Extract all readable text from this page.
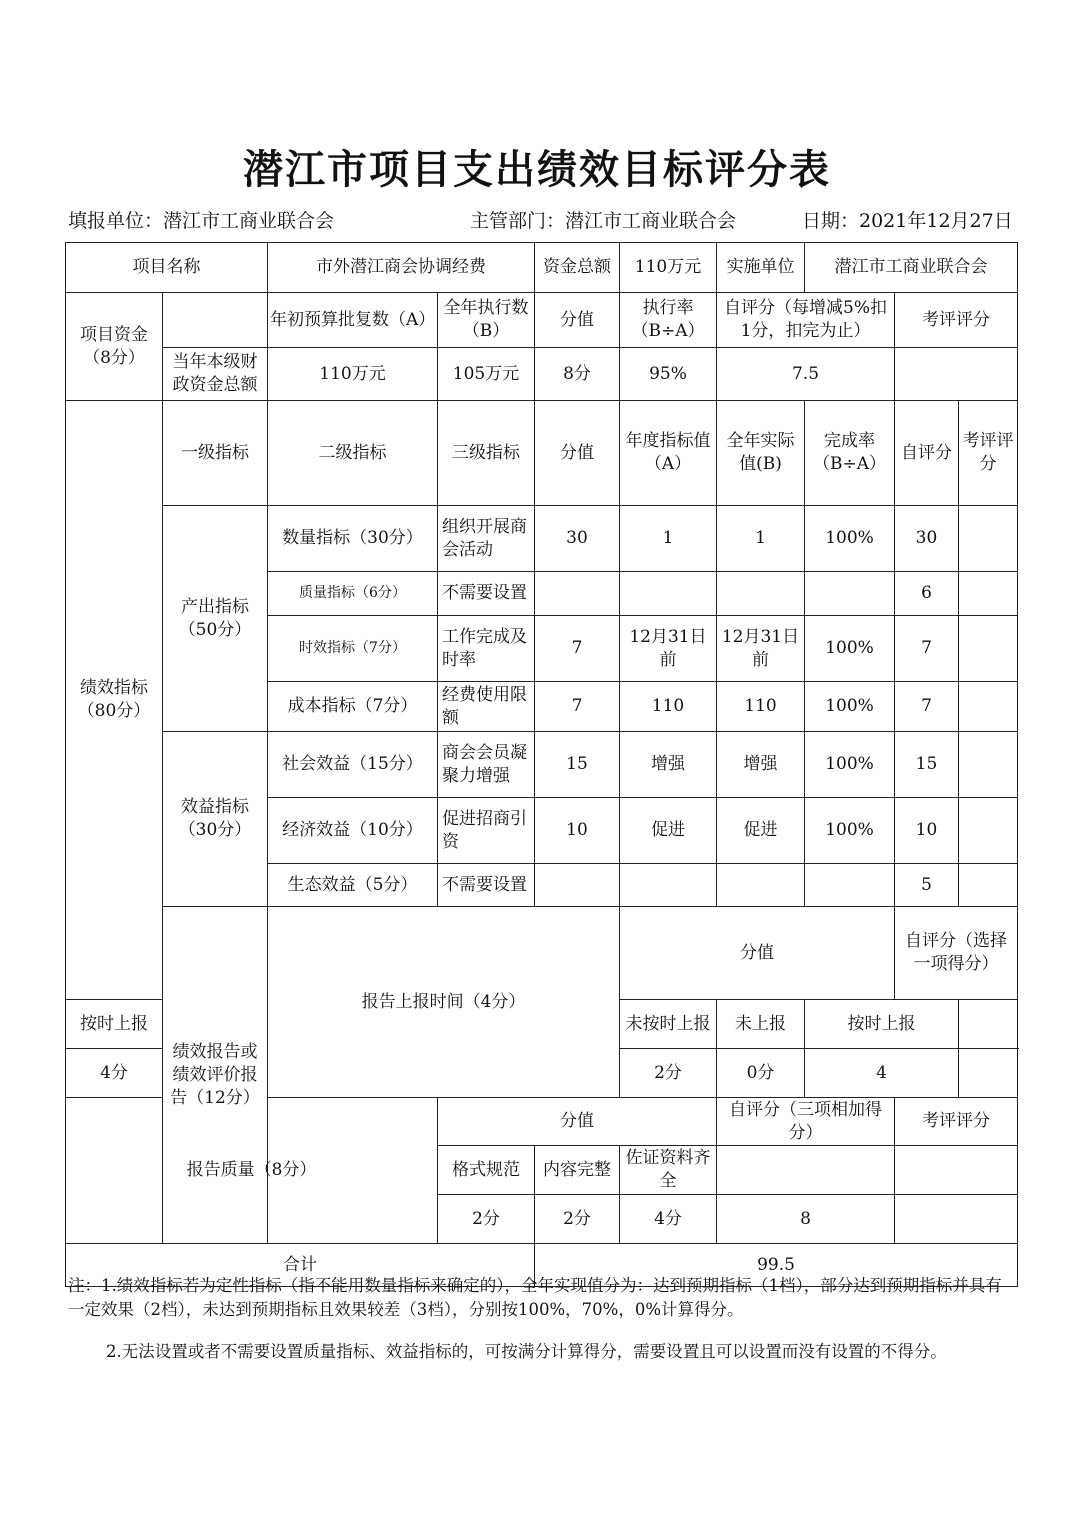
潜江市项目支出绩效目标评分表
填报单位：潜江市工商业联合会	主管部门：潜江市工商业联合会	日期：2021年12月27日
项目名称		市外潜江商会协调经费		资金总额	110万元	实施单位	潜江市工商业联合会			
项目资金（8分）		年初预算批复数（A）	全年执行数（B）	分值	执行率（B÷A）	自评分（每增减5%扣1分，扣完为止）		考评评分		
	当年本级财政资金总额	110万元	105万元	8分	95%	7.5				
绩效指标（80分）	一级指标	二级指标	三级指标	分值	年度指标值（A）	全年实际值(B)	完成率（B÷A）	自评分	考评评分	
	产出指标（50分）	数量指标（30分）	组织开展商会活动	30	1	1	100%	30		
		质量指标（6分）	不需要设置					6		
		时效指标（7分）	工作完成及时率	7	12月31日前	12月31日前	100%	7		
		成本指标（7分）	经费使用限额	7	110	110	100%	7		
	效益指标（30分）	社会效益（15分）	商会会员凝聚力增强	15	增强	增强	100%	15		
		经济效益（10分）	促进招商引资	10	促进	促进	100%	10		
		生态效益（5分）	不需要设置					5		
	绩效报告或绩效评价报告（12分）	报告上报时间（4分）			分值			自评分（选择一项得分）		
按时上报					未按时上报	未上报	按时上报			
4分					2分	0分	4			
报告质量（8分）			分值			自评分（三项相加得分）		考评评分		
			格式规范	内容完整	佐证资料齐全					
			2分	2分	4分	8				
合计				99.5						

注：1.绩效指标若为定性指标（指不能用数量指标来确定的），全年实现值分为：达到预期指标（1档），部分达到预期指标并具有一定效果（2档），未达到预期指标且效果较差（3档），分别按100%，70%，0%计算得分。

2.无法设置或者不需要设置质量指标、效益指标的，可按满分计算得分，需要设置且可以设置而没有设置的不得分。
